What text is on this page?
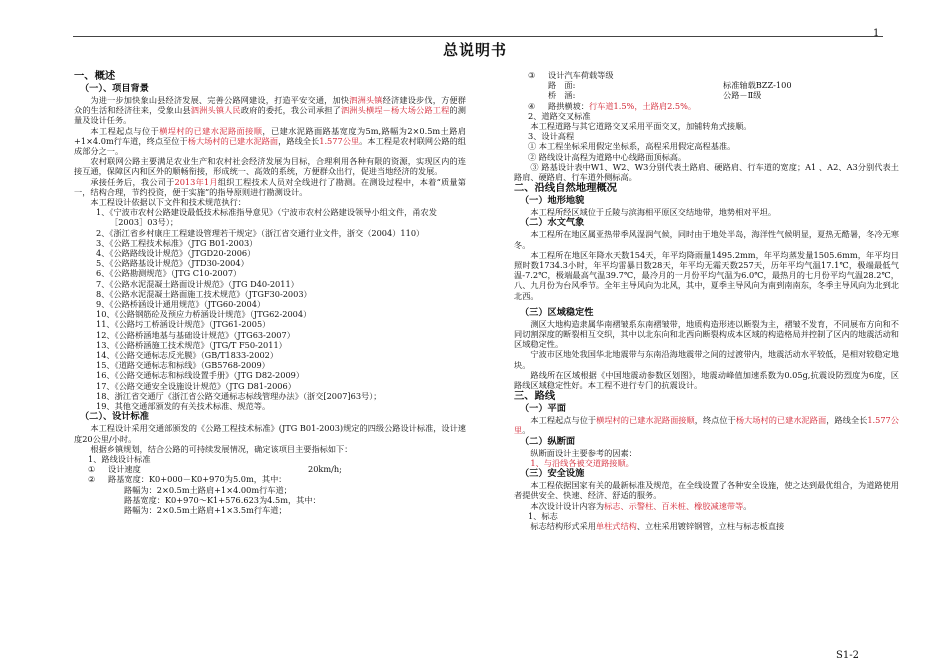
1
总说明书
一、概述
（一）、项目背景

为进一步加快象山县经济发展、完善公路网建设，打造平安交通，加快泗洲头镇经济建设步伐，方便群众的生活和经济往来，受象山县泗洲头镇人民政府的委托，我公司承担了泗洲头横埕－杨大场公路工程的测量及设计任务。

本工程起点与位于横埕村的已建水泥路面接顺，已建水泥路面路基宽度为5m,路幅为2×0.5m土路肩+1×4.0m行车道，终点至位于杨大场村的已建水泥路面，路线全长1.577公里。本工程是农村联网公路的组成部分之一。

农村联网公路主要满足农业生产和农村社会经济发展为目标，合理利用各种有限的资源，实现区内的连接互通，保障区内和区外的顺畅衔接，形成统一、高效的系统，方便群众出行，促进当地经济的发展。

承接任务后，我公司于2013年1月组织工程技术人员对全线进行了勘测。在测设过程中，本着“质量第一，结构合理，节约投资，便于实施”的指导原则进行勘测设计。

本工程设计依据以下文件和技术规范执行：

1、《宁波市农村公路建设最低技术标准指导意见》（宁波市农村公路建设领导小组文件，甬农发［2003］03号）；
2、《浙江省乡村康庄工程建设管理若干规定》（浙江省交通行业文件，浙交（2004）110）
3、《公路工程技术标准》（JTG B01-2003）
4、《公路路线设计规范》（JTGD20-2006）
5、《公路路基设计规范》（JTD30-2004）
6、《公路勘测规范》（JTG C10-2007）
7、《公路水泥混凝土路面设计规范》（JTG D40-2011）
8、《公路水泥混凝土路面施工技术规范》（JTGF30-2003）
9、《公路桥涵设计通用规范》（JTG60-2004）
10、《公路钢筋砼及预应力桥涵设计规范》（JTG62-2004）
11、《公路圬工桥涵设计规范》（JTG61-2005）
12、《公路桥涵地基与基础设计规范》（JTG63-2007）
13、《公路桥涵施工技术规范》（JTG/T F50-2011）
14、《公路交通标志反光膜》（GB/T1833-2002）
15、《道路交通标志和标线》（GB5768-2009）
16、《公路交通标志和标线设置手册》（JTG D82-2009）
17、《公路交通安全设施设计规范》（JTG D81-2006）
18、浙江省交通厅《浙江省公路交通标志标线管理办法》（浙交[2007]63号）；
19、其他交通部颁发的有关技术标准、规范等。
（二）、设计标准

本工程设计采用交通部颁发的《公路工程技术标准》(JTG B01-2003)规定的四级公路设计标准，设计速度20公里/小时。

根据乡镇规划，结合公路的可持续发展情况，确定该项目主要指标如下：

1、路线设计标准
①	设计速度	20km/h;
②	路基宽度：K0+000－K0+970为5.0m，其中：
路幅为：2×0.5m土路肩+1×4.00m行车道；
路基宽度：K0+970～K1+576.623为4.5m，其中：
路幅为：2×0.5m土路肩+1×3.5m行车道；
③	设计汽车荷载等级
路　面:	标准轴载BZZ-100
桥　涵:	公路－Ⅱ级
④	路拱横坡： 行车道1.5%，土路肩2.5%。
2、道路交叉标准

本工程道路与其它道路交叉采用平面交叉，加铺转角式接顺。

3、设计高程
① 本工程坐标采用假定坐标系，高程采用假定高程基准。
② 路线设计高程为道路中心线路面顶标高。

③ 路基设计表中W1、W2、W3分别代表土路肩、硬路肩、行车道的宽度；A1 、A2、A3分别代表土路肩、硬路肩、行车道外侧标高。

二、沿线自然地理概况
（一）地形地貌

本工程所经区域位于丘陵与滨海相平原区交结地带，地势相对平坦。

（二）水文气象

本工程所在地区属亚热带季风湿润气候，同时由于地处半岛，海洋性气候明显，夏热无酷暑，冬冷无寒冬。

本工程所在地区年降水天数154天，年平均降雨量1495.2mm，年平均蒸发量1505.6mm，年平均日照时数1734.3小时，年平均雷暴日数28天，年平均无霜天数257天，历年平均气温17.1℃，极端最低气温-7.2℃，极端最高气温39.7℃，最冷月的一月份平均气温为6.0℃，最热月的七月份平均气温28.2℃，八、九月份为台风季节。全年主导风向为北风，其中，夏季主导风向为南到南南东，冬季主导风向为北到北北西。

（三）区域稳定性

测区大地构造隶属华南褶皱系东南褶皱带，地质构造形迹以断裂为主，褶皱不发育，不同展布方向和不同切割深度的断裂相互交织，其中以北东向和北西向断裂构成本区域的构造格局并控制了区内的地震活动和区域稳定性。

宁波市区地处我国华北地震带与东南沿海地震带之间的过渡带内，地震活动水平较低，是相对较稳定地块。

路线所在区域根据《中国地震动参数区划图》，地震动峰值加速系数为0.05g,抗震设防烈度为6度，区路线区域稳定性好。本工程不进行专门的抗震设计。

三、路线
（一）平面

本工程起点与位于横埕村的已建水泥路面接顺，终点位于杨大场村的已建水泥路面，路线全长1.577公里。

（二）纵断面

纵断面设计主要参考的因素：

1、与沿线各被交道路接顺。

（三）安全设施

本工程依据国家有关的最新标准及规范，在全线设置了各种安全设施，使之达到最优组合，为道路使用者提供安全、快速、经济、舒适的服务。

本次设计设计内容为标志、示警柱、百米桩、橡胶减速带等。

1、标志

标志结构形式采用单柱式结构、立柱采用镀锌钢管，立柱与标志板直接

S1-2
